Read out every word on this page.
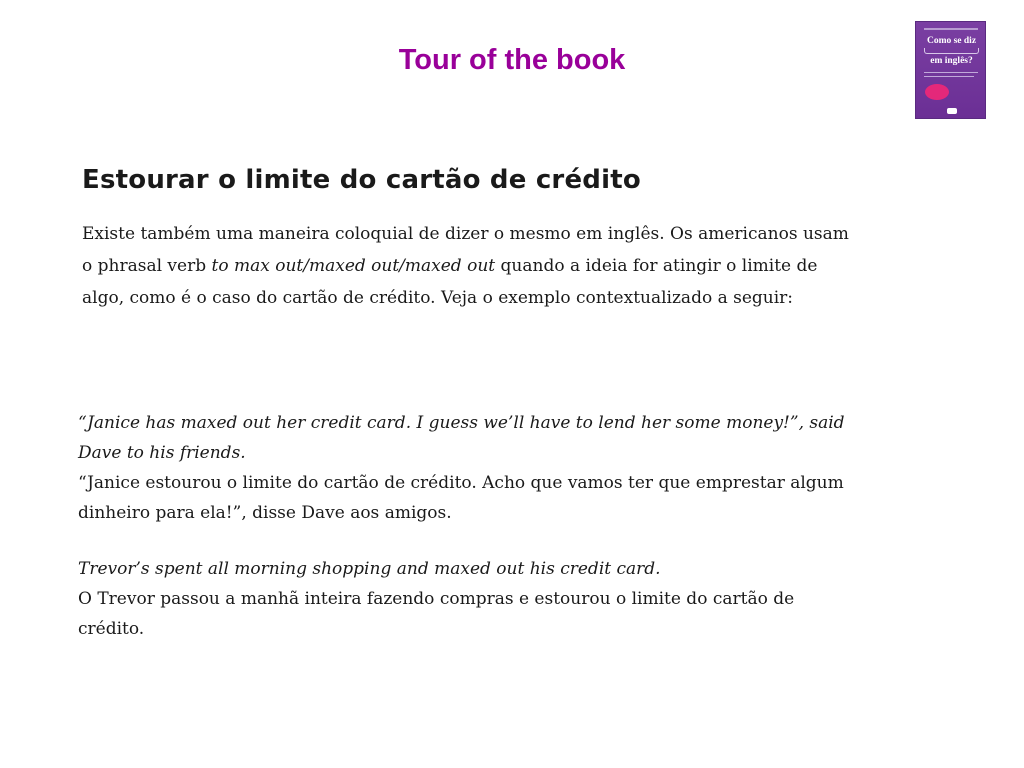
Tour of the book
Como se diz
em inglês?
Estourar o limite do cartão de crédito

Existe também uma maneira coloquial de dizer o mesmo em inglês. Os americanos usam o phrasal verb to max out/maxed out/maxed out quando a ideia for atingir o limite de algo, como é o caso do cartão de crédito. Veja o exemplo contextualizado a seguir:

“Janice has maxed out her credit card. I guess we’ll have to lend her some money!”, said Dave to his friends.

“Janice estourou o limite do cartão de crédito. Acho que vamos ter que emprestar algum dinheiro para ela!”, disse Dave aos amigos.

Trevor’s spent all morning shopping and maxed out his credit card.

O Trevor passou a manhã inteira fazendo compras e estourou o limite do cartão de crédito.
